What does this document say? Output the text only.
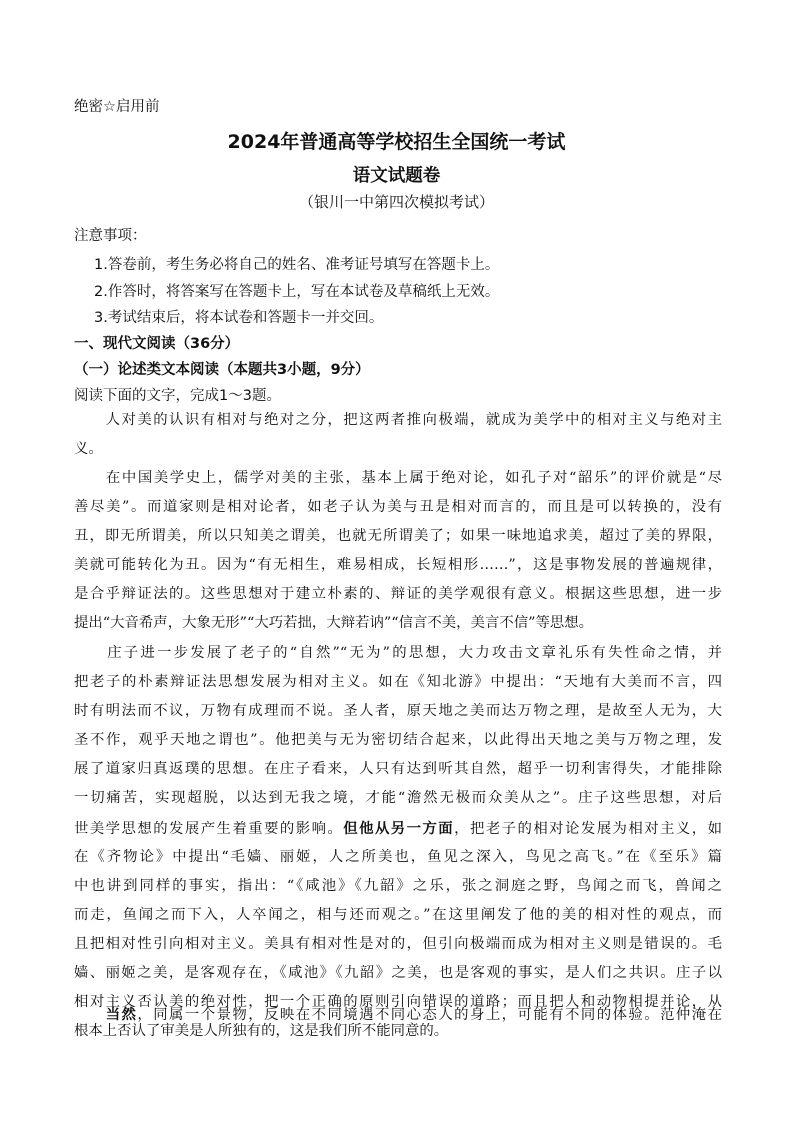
绝密☆启用前
2024年普通高等学校招生全国统一考试
语文试题卷
（银川一中第四次模拟考试）
注意事项：
1.答卷前，考生务必将自己的姓名、准考证号填写在答题卡上。
2.作答时，将答案写在答题卡上，写在本试卷及草稿纸上无效。
3.考试结束后，将本试卷和答题卡一并交回。
一、现代文阅读（36分）
（一）论述类文本阅读（本题共3小题，9分）
阅读下面的文字，完成1～3题。
　　人对美的认识有相对与绝对之分，把这两者推向极端，就成为美学中的相对主义与绝对主
义。
　　在中国美学史上，儒学对美的主张，基本上属于绝对论，如孔子对“韶乐”的评价就是“尽
善尽美”。而道家则是相对论者，如老子认为美与丑是相对而言的，而且是可以转换的，没有
丑，即无所谓美，所以只知美之谓美，也就无所谓美了；如果一味地追求美，超过了美的界限，
美就可能转化为丑。因为“有无相生，难易相成，长短相形……”，这是事物发展的普遍规律，
是合乎辩证法的。这些思想对于建立朴素的、辩证的美学观很有意义。根据这些思想，进一步
提出“大音希声，大象无形”“大巧若拙，大辩若讷”“信言不美，美言不信”等思想。
　　庄子进一步发展了老子的“自然”“无为”的思想，大力攻击文章礼乐有失性命之情，并
把老子的朴素辩证法思想发展为相对主义。如在《知北游》中提出：“天地有大美而不言，四
时有明法而不议，万物有成理而不说。圣人者，原天地之美而达万物之理，是故至人无为，大
圣不作，观乎天地之谓也”。他把美与无为密切结合起来，以此得出天地之美与万物之理，发
展了道家归真返璞的思想。在庄子看来，人只有达到听其自然，超乎一切利害得失，才能排除
一切痛苦，实现超脱，以达到无我之境，才能“澹然无极而众美从之”。庄子这些思想，对后
世美学思想的发展产生着重要的影响。但他从另一方面，把老子的相对论发展为相对主义，如
在《齐物论》中提出“毛嫱、丽姬，人之所美也，鱼见之深入，鸟见之高飞。”在《至乐》篇
中也讲到同样的事实，指出：“《咸池》《九韶》之乐，张之洞庭之野，鸟闻之而飞，兽闻之
而走，鱼闻之而下入，人卒闻之，相与还而观之。”在这里阐发了他的美的相对性的观点，而
且把相对性引向相对主义。美具有相对性是对的，但引向极端而成为相对主义则是错误的。毛
嫱、丽姬之美，是客观存在，《咸池》《九韶》之美，也是客观的事实，是人们之共识。庄子以
相对主义否认美的绝对性，把一个正确的原则引向错误的道路；而且把人和动物相提并论，从
根本上否认了审美是人所独有的，这是我们所不能同意的。
　　当然，同属一个景物，反映在不同境遇不同心态人的身上，可能有不同的体验。范仲淹在
